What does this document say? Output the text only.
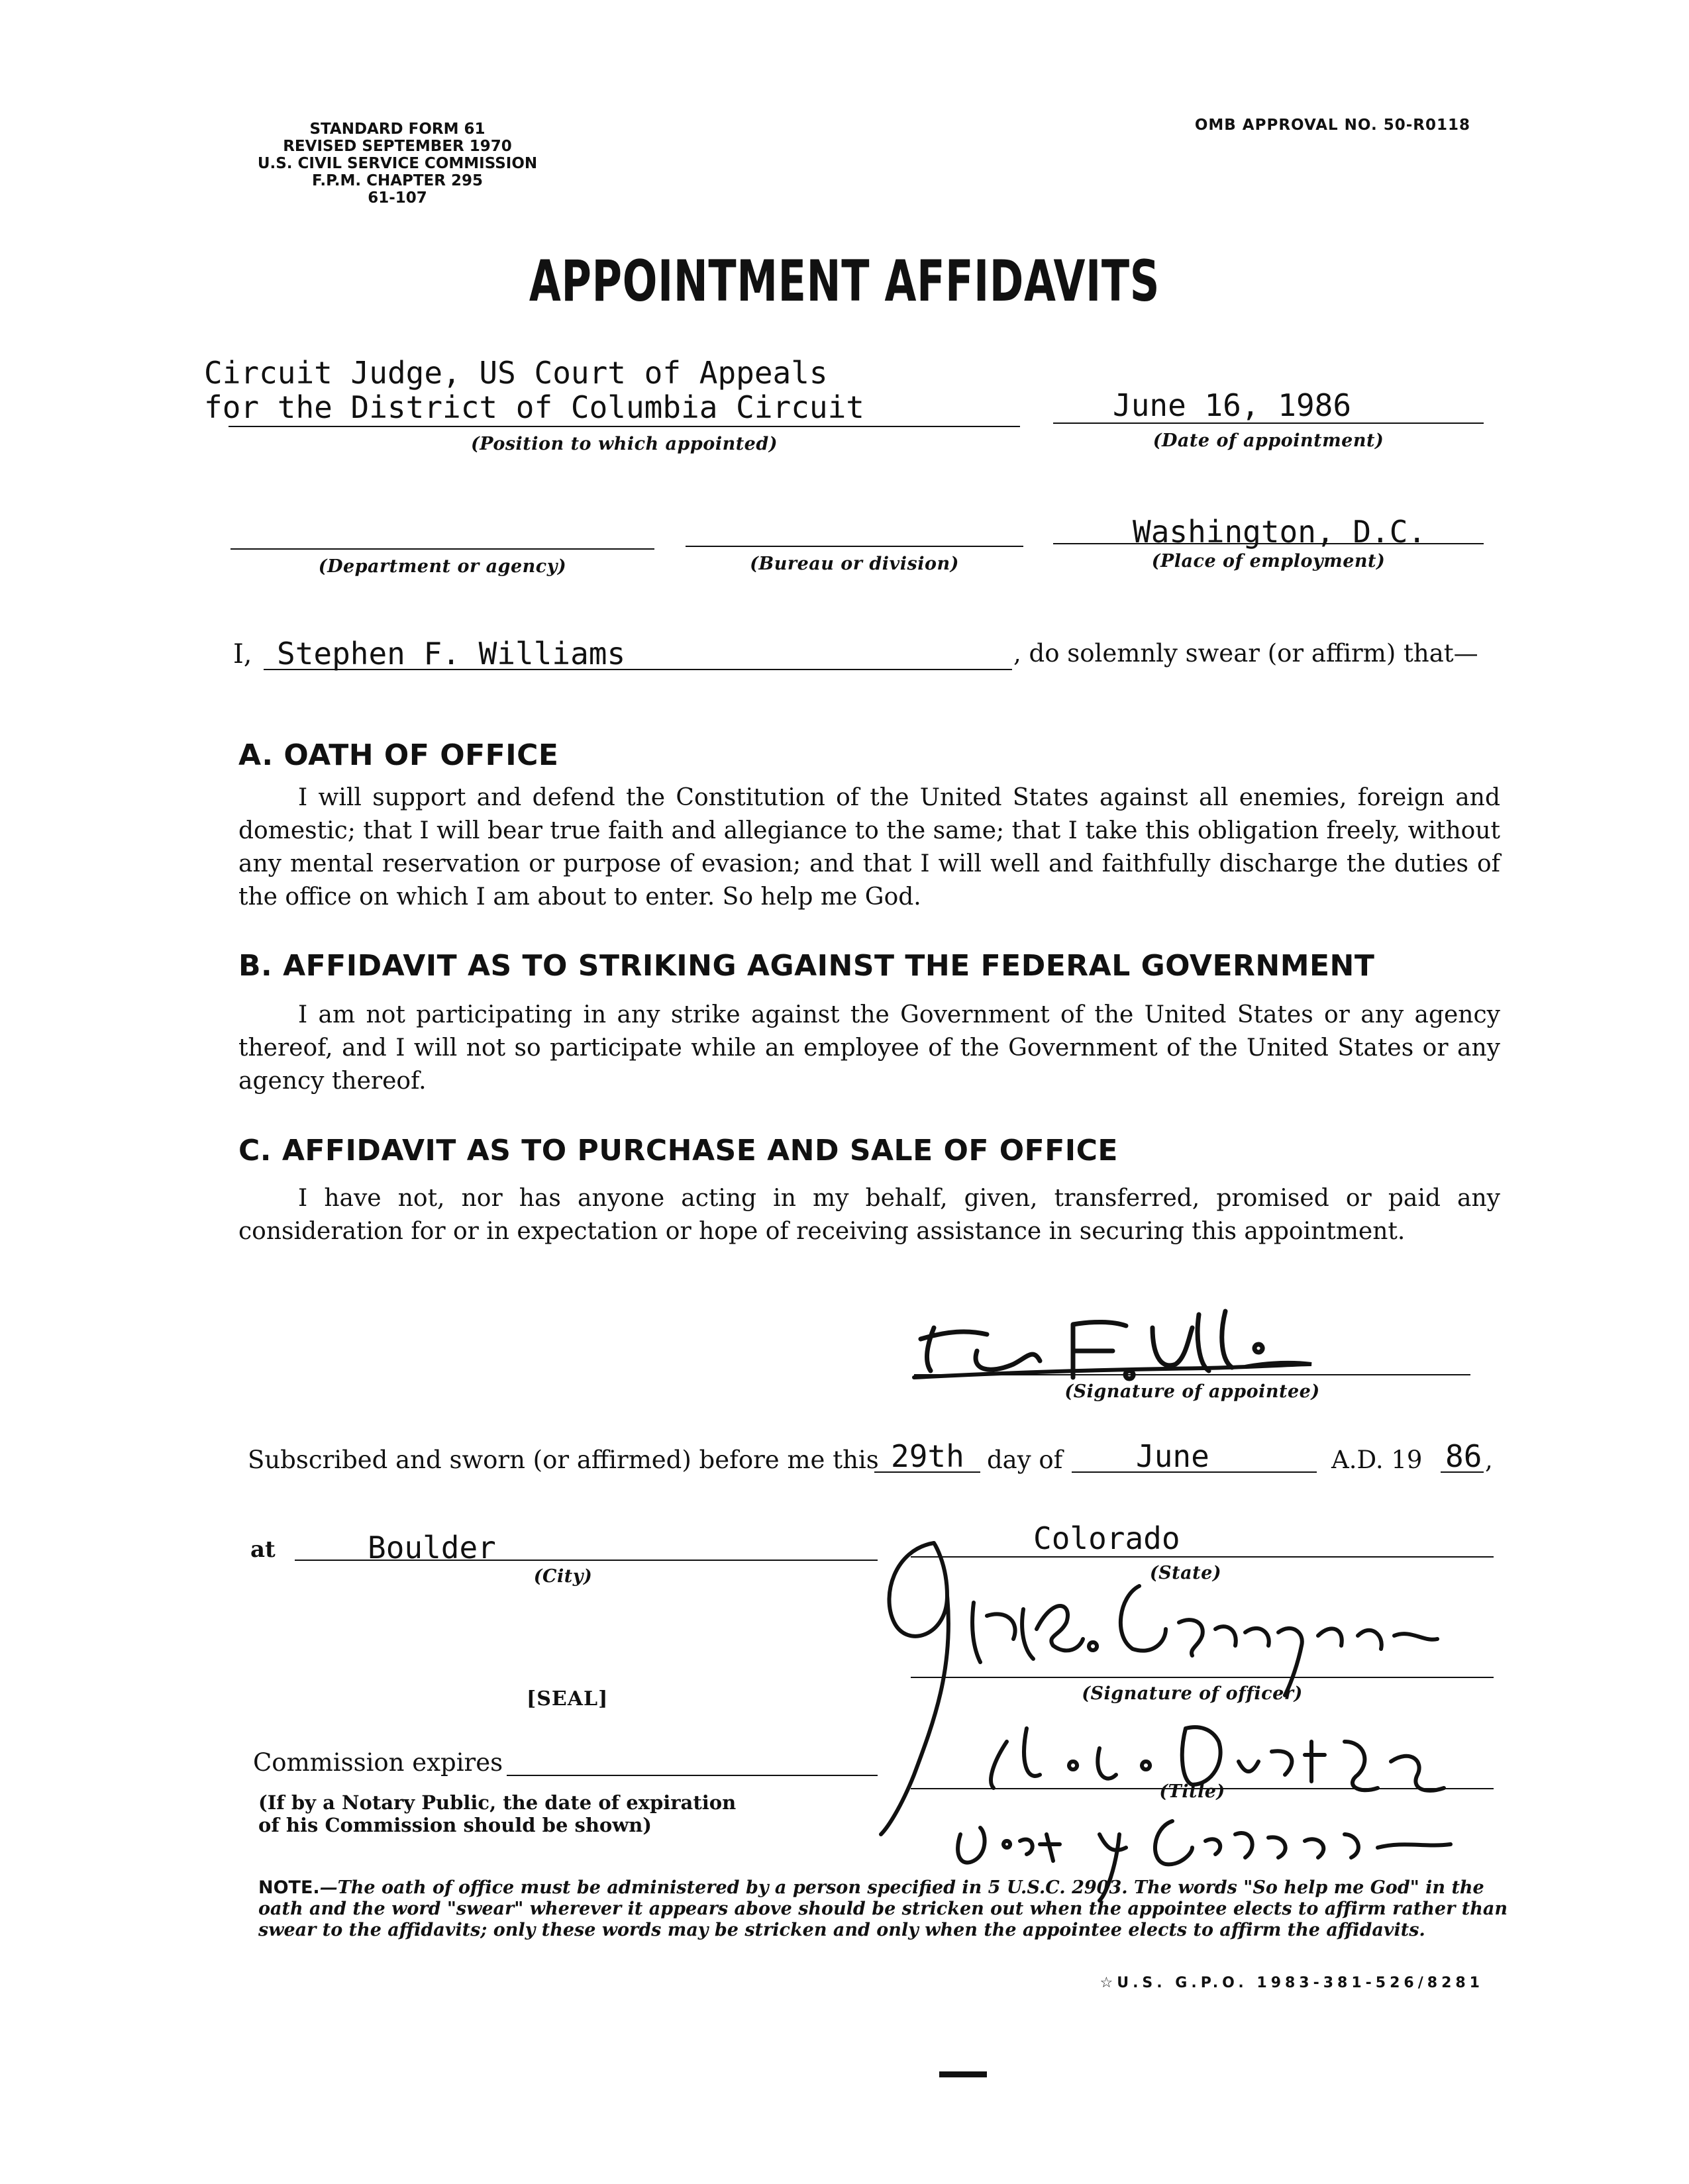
STANDARD FORM 61
REVISED SEPTEMBER 1970
U.S. CIVIL SERVICE COMMISSION
F.P.M. CHAPTER 295
61-107
OMB APPROVAL NO. 50-R0118
APPOINTMENT AFFIDAVITS
Circuit Judge, US Court of Appeals
for the District of Columbia Circuit
(Position to which appointed)
June 16, 1986
(Date of appointment)
(Department or agency)	(Bureau or division)
Washington, D.C.
(Place of employment)
I, Stephen F. Williams	, do solemnly swear (or affirm) that—
A. OATH OF OFFICE
I will support and defend the Constitution of the United States against all enemies, foreign and domestic; that I will bear true faith and allegiance to the same; that I take this obligation freely, without any mental reservation or purpose of evasion; and that I will well and faithfully discharge the duties of the office on which I am about to enter. So help me God.
B. AFFIDAVIT AS TO STRIKING AGAINST THE FEDERAL GOVERNMENT
I am not participating in any strike against the Government of the United States or any agency thereof, and I will not so participate while an employee of the Government of the United States or any agency thereof.
C. AFFIDAVIT AS TO PURCHASE AND SALE OF OFFICE
I have not, nor has anyone acting in my behalf, given, transferred, promised or paid any consideration for or in expectation or hope of receiving assistance in securing this appointment.
(Signature of appointee)
Subscribed and sworn (or affirmed) before me this 29th day of June	A.D. 19 86 ,
at	Boulder
(City)
Colorado
(State)
[SEAL]	(Signature of officer)
(Title)
Commission expires
(If by a Notary Public, the date of expiration of his Commission should be shown)
NOTE.—The oath of office must be administered by a person specified in 5 U.S.C. 2903. The words "So help me God" in the oath and the word "swear" wherever it appears above should be stricken out when the appointee elects to affirm rather than swear to the affidavits; only these words may be stricken and only when the appointee elects to affirm the affidavits.
☆U.S. G.P.O. 1983-381-526/8281
